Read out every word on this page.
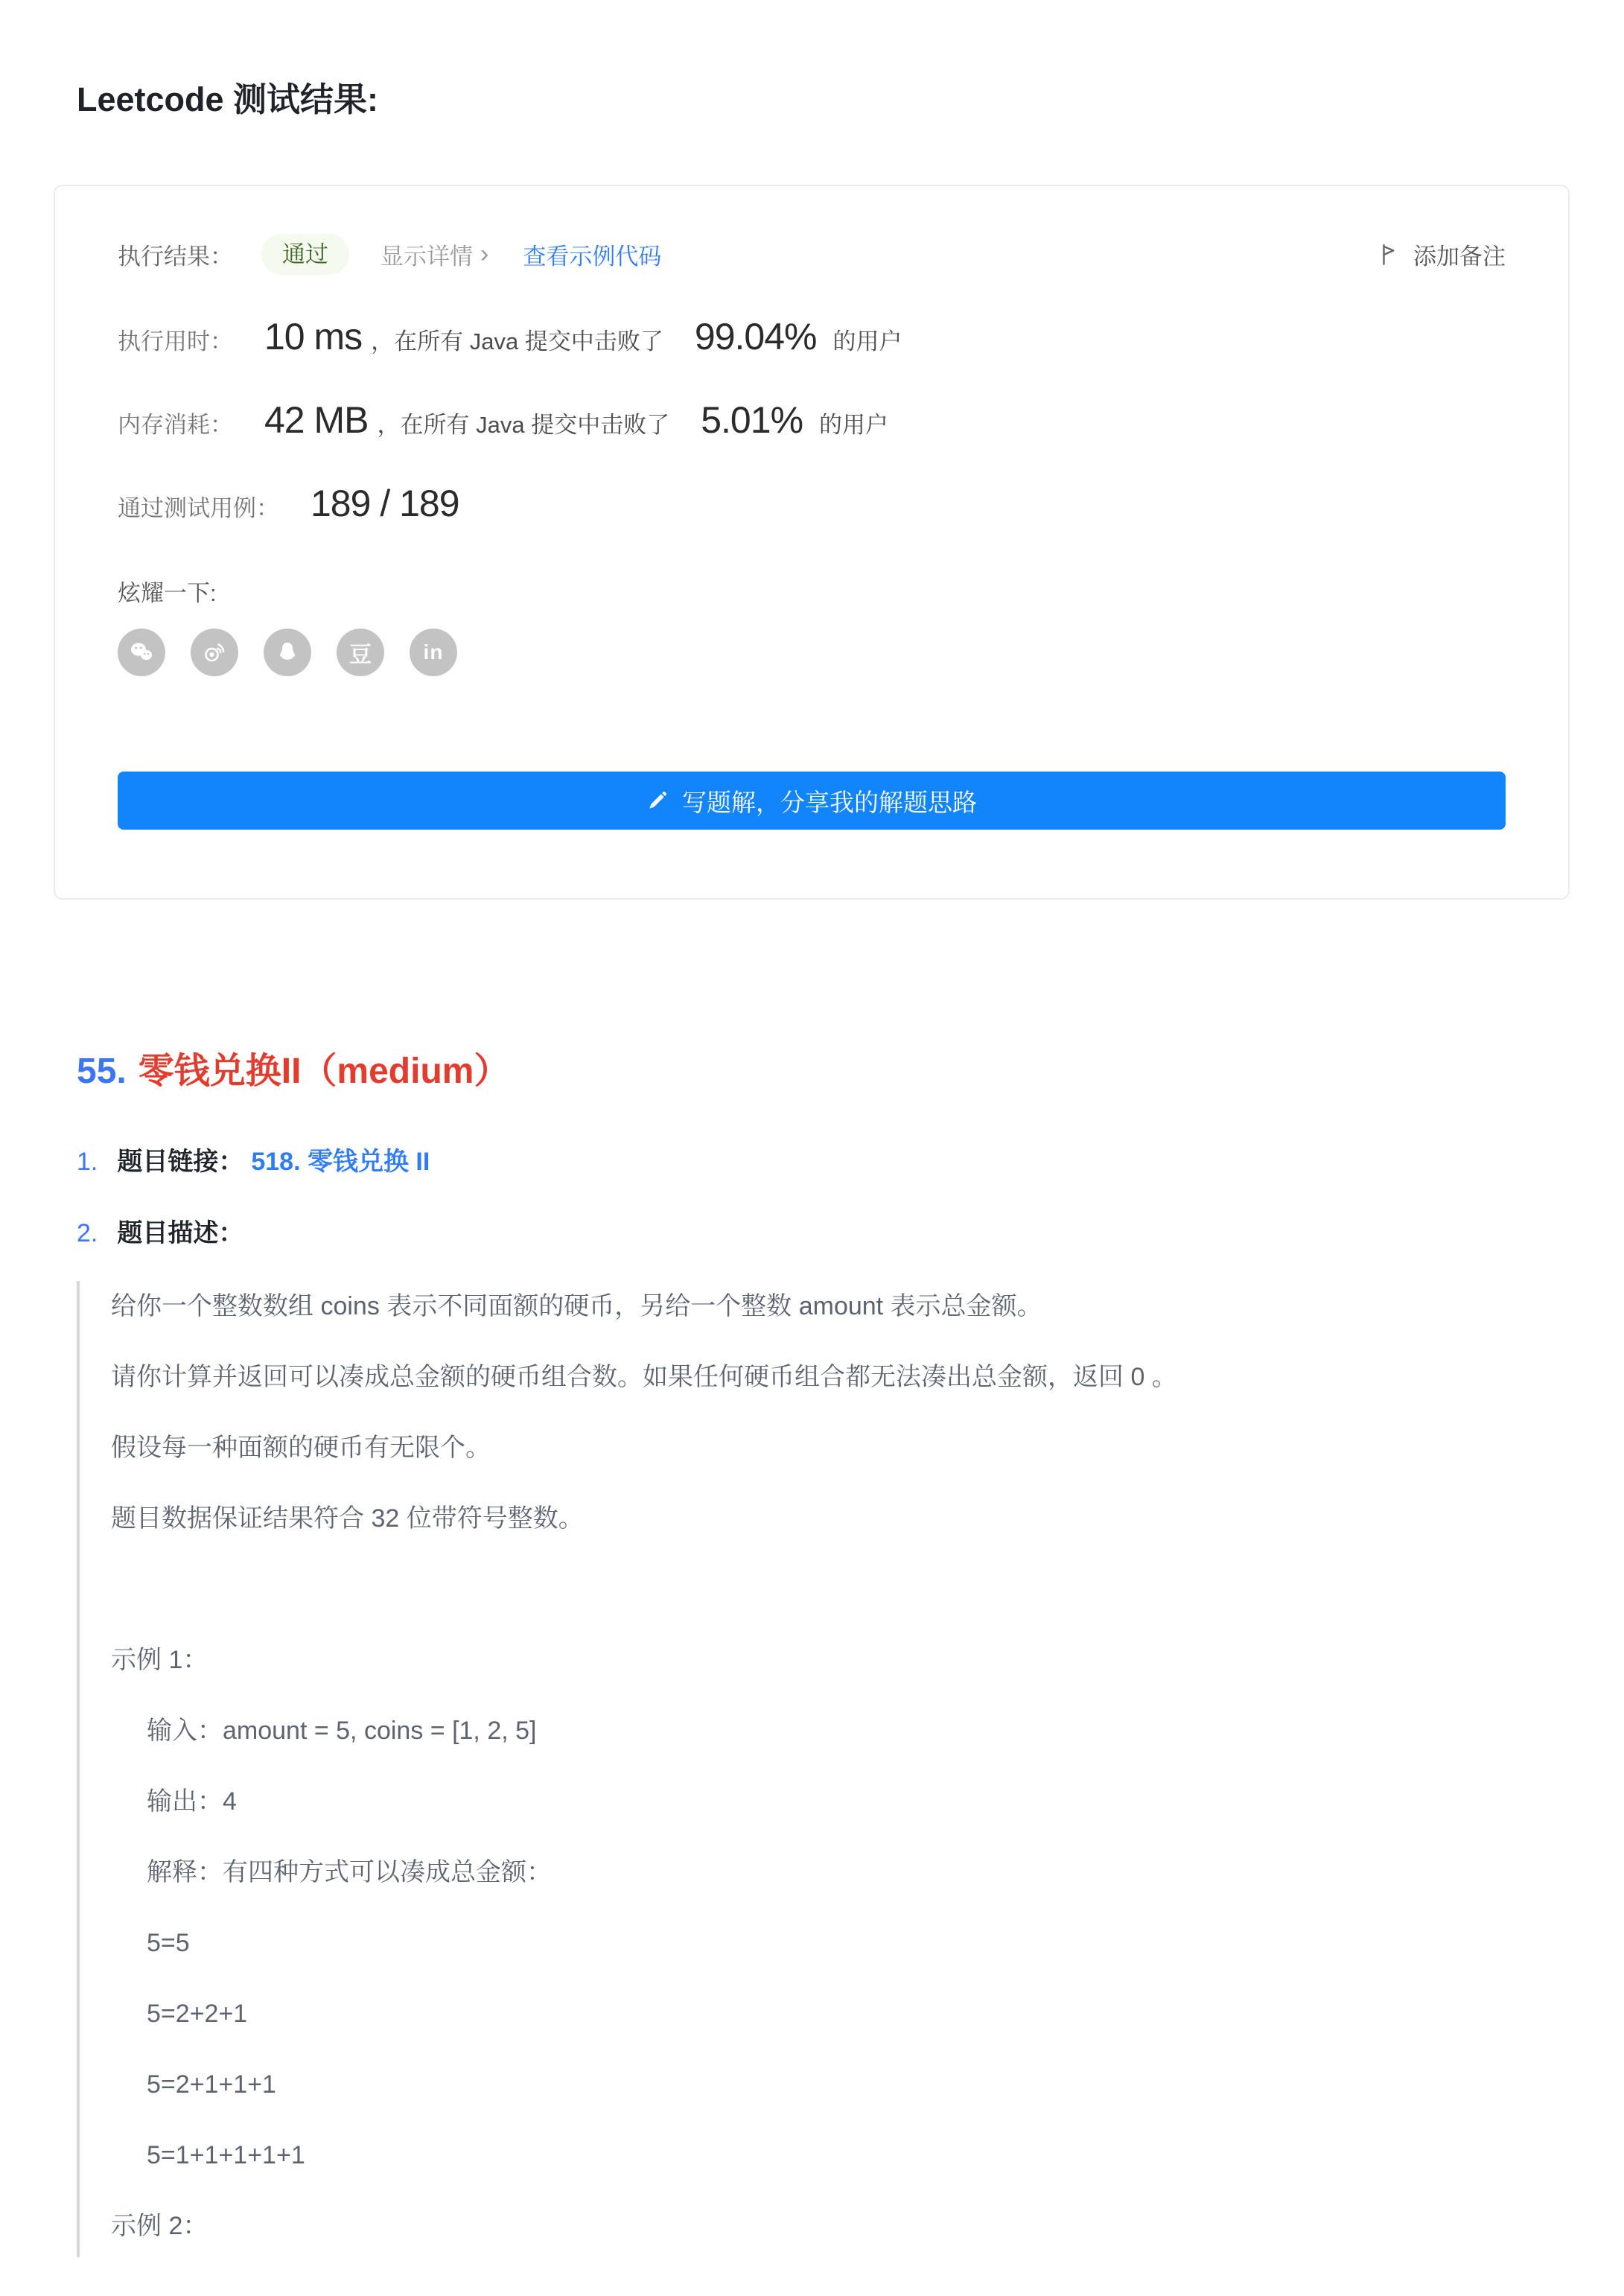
Leetcode 测试结果:
执行结果：	通过	显示详情 › 查看示例代码	添加备注
执行用时： 10 ms ，在所有 Java 提交中击败了 99.04% 的用户
内存消耗： 42 MB ，在所有 Java 提交中击败了 5.01% 的用户
通过测试用例： 189 / 189
炫耀一下:
豆 in
写题解，分享我的解题思路
55. 零钱兑换II（medium）
1. 题目链接： 518. 零钱兑换 II
2. 题目描述：

给你一个整数数组 coins 表示不同面额的硬币，另给一个整数 amount 表示总金额。

请你计算并返回可以凑成总金额的硬币组合数。如果任何硬币组合都无法凑出总金额，返回 0 。

假设每一种面额的硬币有无限个。

题目数据保证结果符合 32 位带符号整数。

示例 1：

输入：amount = 5, coins = [1, 2, 5]

输出：4

解释：有四种方式可以凑成总金额：

5=5

5=2+2+1

5=2+1+1+1

5=1+1+1+1+1

示例 2：
